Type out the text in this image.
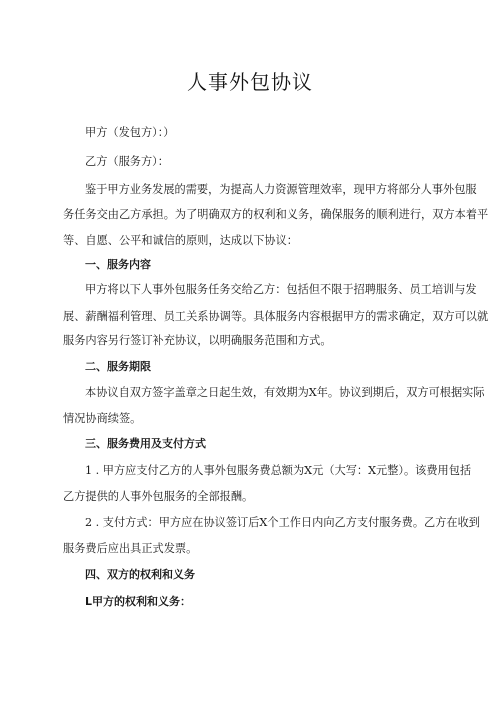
人事外包协议
甲方（发包方）：）
乙方（服务方）：
鉴于甲方业务发展的需要，为提高人力资源管理效率，现甲方将部分人事外包服
务任务交由乙方承担。为了明确双方的权利和义务，确保服务的顺利进行，双方本着平
等、自愿、公平和诚信的原则，达成以下协议：
一、服务内容
甲方将以下人事外包服务任务交给乙方：包括但不限于招聘服务、员工培训与发
展、薪酬福利管理、员工关系协调等。具体服务内容根据甲方的需求确定，双方可以就
服务内容另行签订补充协议，以明确服务范围和方式。
二、服务期限
本协议自双方签字盖章之日起生效，有效期为X年。协议到期后，双方可根据实际
情况协商续签。
三、服务费用及支付方式
1 . 甲方应支付乙方的人事外包服务费总额为X元（大写：X元整）。该费用包括
乙方提供的人事外包服务的全部报酬。
2 . 支付方式：甲方应在协议签订后X个工作日内向乙方支付服务费。乙方在收到
服务费后应出具正式发票。
四、双方的权利和义务
L甲方的权利和义务：
